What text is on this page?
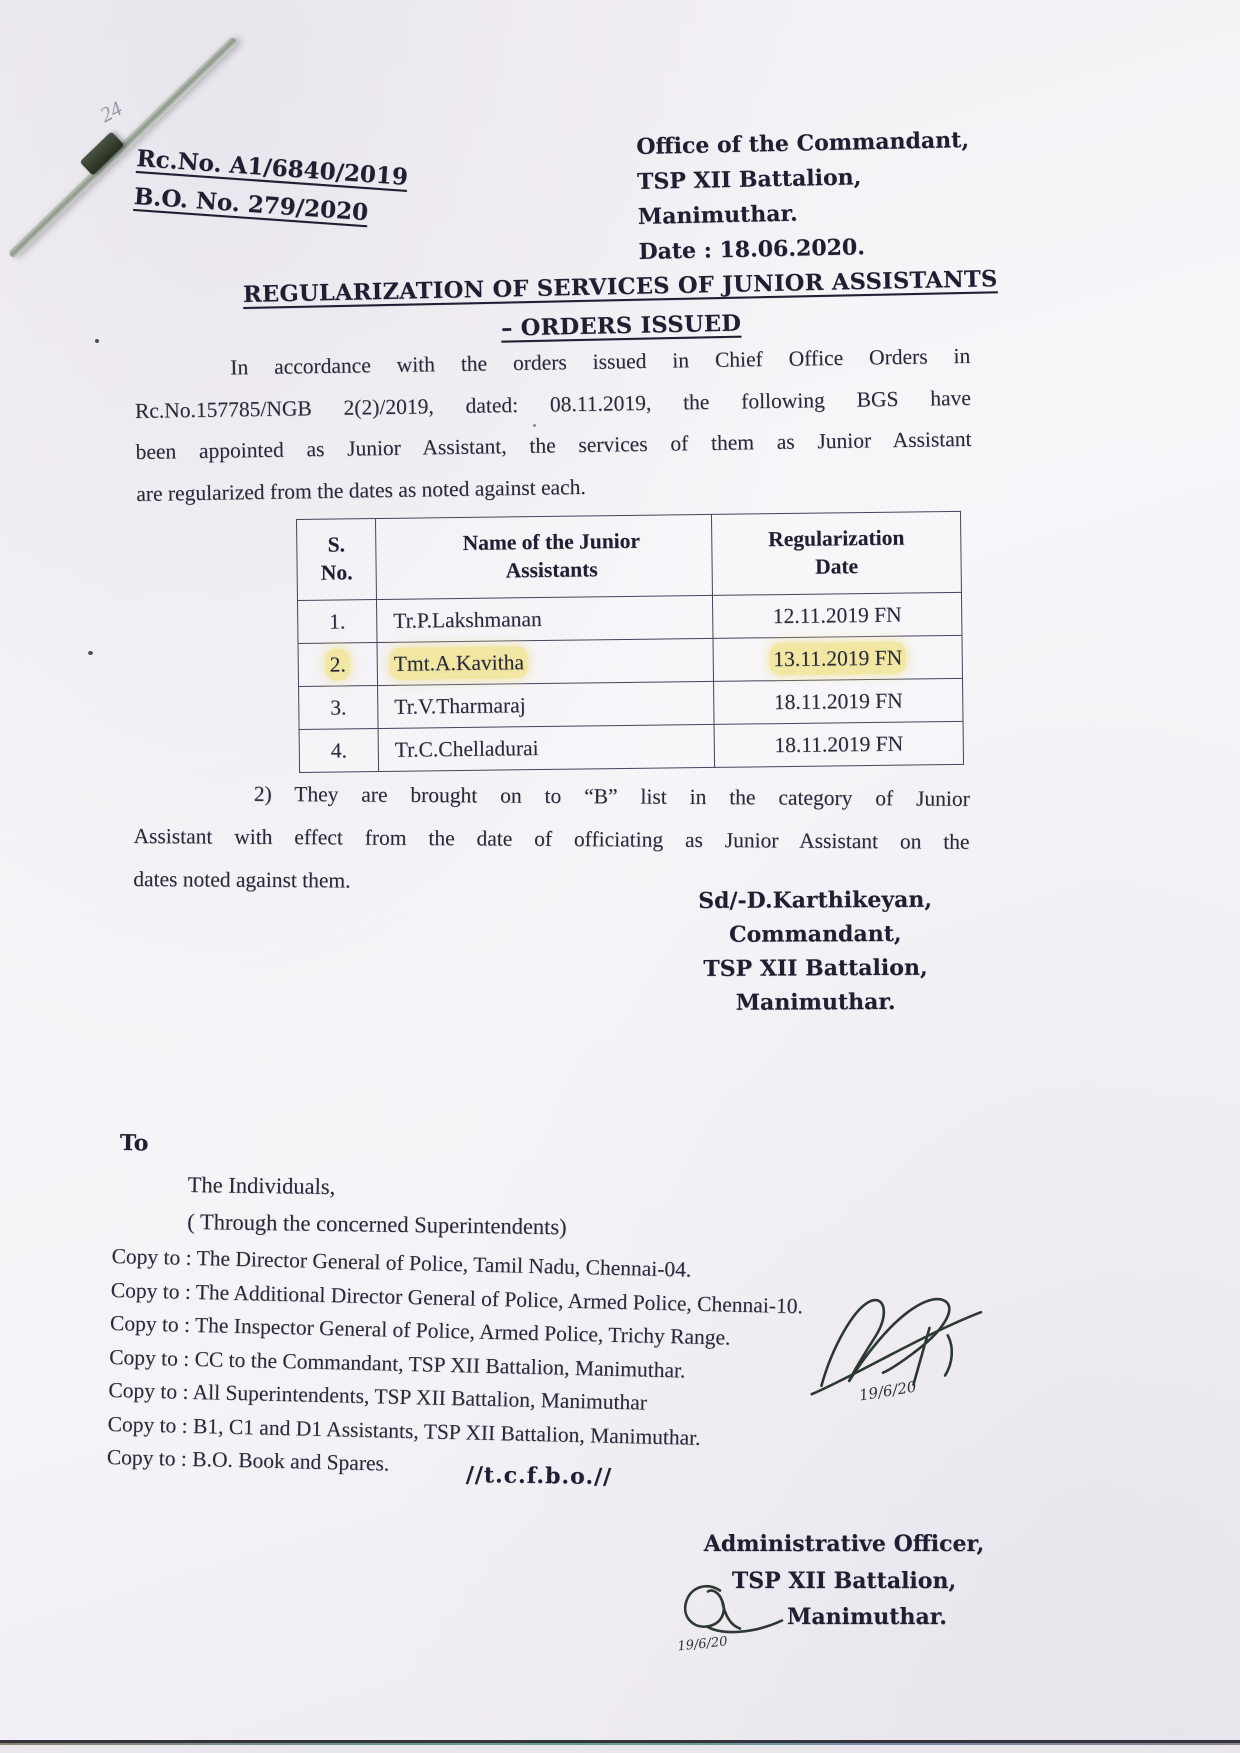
24
Rc.No. A1/6840/2019
B.O. No. 279/2020
Office of the Commandant,
TSP XII Battalion,
Manimuthar.
Date : 18.06.2020.
REGULARIZATION OF SERVICES OF JUNIOR ASSISTANTS
– ORDERS ISSUED
In accordance with the orders issued in Chief Office Orders in
Rc.No.157785/NGB 2(2)/2019, dated: 08.11.2019, the following BGS have
been appointed as Junior Assistant, the services of them as Junior Assistant
are regularized from the dates as noted against each.
S. No.	Name of the Junior Assistants	Regularization Date
1.	Tr.P.Lakshmanan	12.11.2019 FN
2.	Tmt.A.Kavitha	13.11.2019 FN
3.	Tr.V.Tharmaraj	18.11.2019 FN
4.	Tr.C.Chelladurai	18.11.2019 FN
2) They are brought on to “B” list in the category of Junior
Assistant with effect from the date of officiating as Junior Assistant on the
dates noted against them.
Sd/-D.Karthikeyan,
Commandant,
TSP XII Battalion,
Manimuthar.
To
The Individuals,
( Through the concerned Superintendents)
Copy to : The Director General of Police, Tamil Nadu, Chennai-04.
Copy to : The Additional Director General of Police, Armed Police, Chennai-10.
Copy to : The Inspector General of Police, Armed Police, Trichy Range.
Copy to : CC to the Commandant, TSP XII Battalion, Manimuthar.
Copy to : All Superintendents, TSP XII Battalion, Manimuthar
Copy to : B1, C1 and D1 Assistants, TSP XII Battalion, Manimuthar.
Copy to : B.O. Book and Spares.
//t.c.f.b.o.//
19/6/20
Administrative Officer,
TSP XII Battalion,
Manimuthar.
19/6/20
